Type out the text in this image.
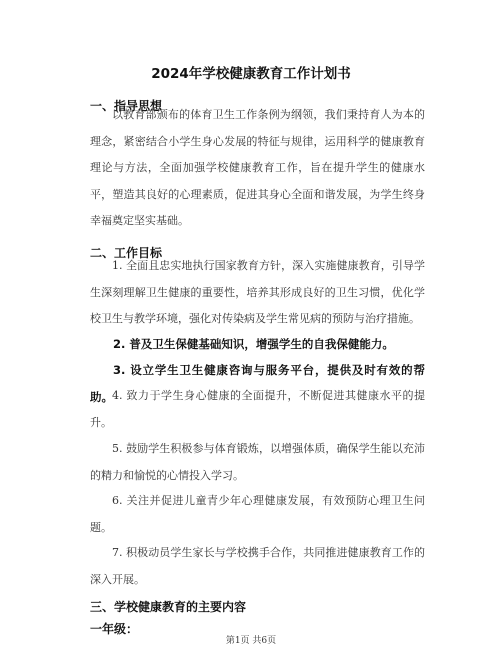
2024年学校健康教育工作计划书
一、指导思想

以教育部颁布的体育卫生工作条例为纲领，我们秉持育人为本的理念，紧密结合小学生身心发展的特征与规律，运用科学的健康教育理论与方法，全面加强学校健康教育工作，旨在提升学生的健康水平，塑造其良好的心理素质，促进其身心全面和谐发展，为学生终身幸福奠定坚实基础。

二、工作目标

1. 全面且忠实地执行国家教育方针，深入实施健康教育，引导学生深刻理解卫生健康的重要性，培养其形成良好的卫生习惯，优化学校卫生与教学环境，强化对传染病及学生常见病的预防与治疗措施。

2. 普及卫生保健基础知识，增强学生的自我保健能力。

3. 设立学生卫生健康咨询与服务平台，提供及时有效的帮助。 4. 致力于学生身心健康的全面提升，不断促进其健康水平的提升。

5. 鼓励学生积极参与体育锻炼，以增强体质，确保学生能以充沛的精力和愉悦的心情投入学习。

6. 关注并促进儿童青少年心理健康发展，有效预防心理卫生问题。

7. 积极动员学生家长与学校携手合作，共同推进健康教育工作的深入开展。

三、学校健康教育的主要内容
一年级：
第1页 共6页
